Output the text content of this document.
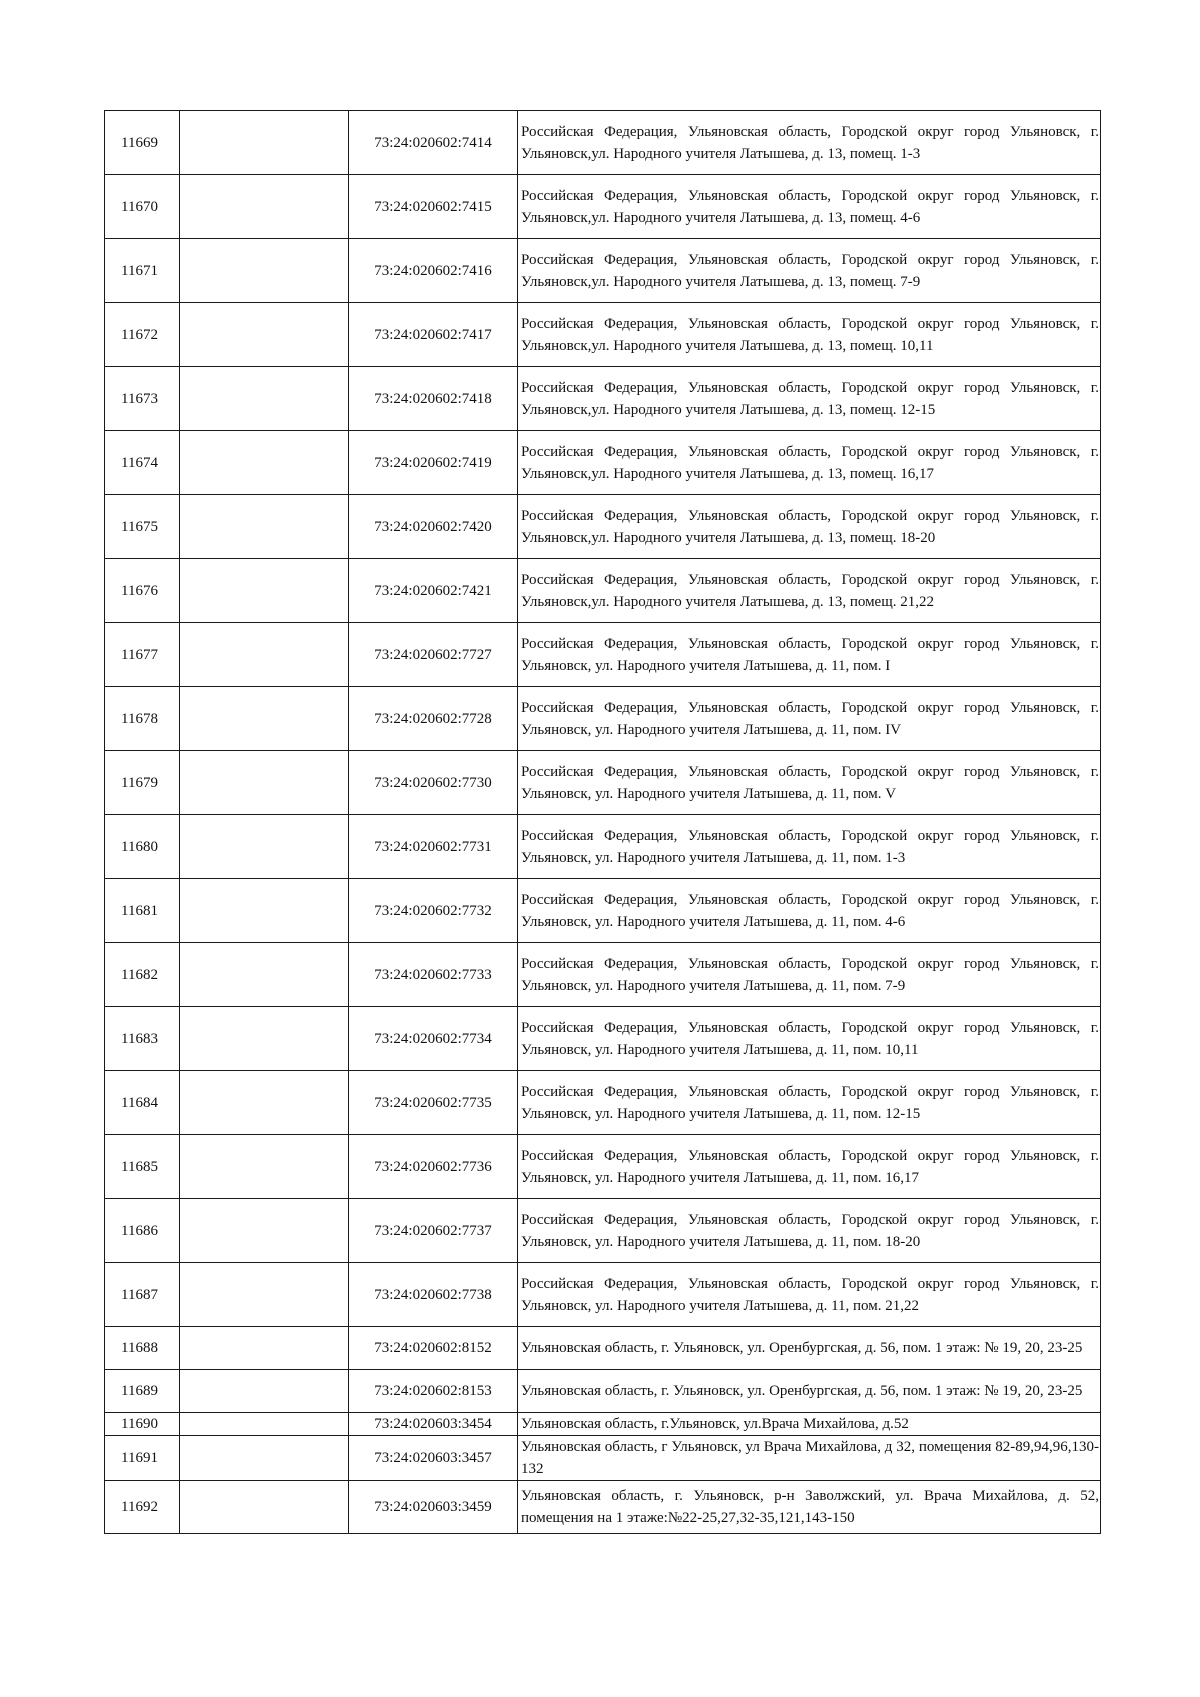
11669		73:24:020602:7414	Российская Федерация, Ульяновская область, Городской округ город Ульяновск, г. Ульяновск,ул. Народного учителя Латышева, д. 13, помещ. 1-3
11670		73:24:020602:7415	Российская Федерация, Ульяновская область, Городской округ город Ульяновск, г. Ульяновск,ул. Народного учителя Латышева, д. 13, помещ. 4-6
11671		73:24:020602:7416	Российская Федерация, Ульяновская область, Городской округ город Ульяновск, г. Ульяновск,ул. Народного учителя Латышева, д. 13, помещ. 7-9
11672		73:24:020602:7417	Российская Федерация, Ульяновская область, Городской округ город Ульяновск, г. Ульяновск,ул. Народного учителя Латышева, д. 13, помещ. 10,11
11673		73:24:020602:7418	Российская Федерация, Ульяновская область, Городской округ город Ульяновск, г. Ульяновск,ул. Народного учителя Латышева, д. 13, помещ. 12-15
11674		73:24:020602:7419	Российская Федерация, Ульяновская область, Городской округ город Ульяновск, г. Ульяновск,ул. Народного учителя Латышева, д. 13, помещ. 16,17
11675		73:24:020602:7420	Российская Федерация, Ульяновская область, Городской округ город Ульяновск, г. Ульяновск,ул. Народного учителя Латышева, д. 13, помещ. 18-20
11676		73:24:020602:7421	Российская Федерация, Ульяновская область, Городской округ город Ульяновск, г. Ульяновск,ул. Народного учителя Латышева, д. 13, помещ. 21,22
11677		73:24:020602:7727	Российская Федерация, Ульяновская область, Городской округ город Ульяновск, г. Ульяновск, ул. Народного учителя Латышева, д. 11, пом. I
11678		73:24:020602:7728	Российская Федерация, Ульяновская область, Городской округ город Ульяновск, г. Ульяновск, ул. Народного учителя Латышева, д. 11, пом. IV
11679		73:24:020602:7730	Российская Федерация, Ульяновская область, Городской округ город Ульяновск, г. Ульяновск, ул. Народного учителя Латышева, д. 11, пом. V
11680		73:24:020602:7731	Российская Федерация, Ульяновская область, Городской округ город Ульяновск, г. Ульяновск, ул. Народного учителя Латышева, д. 11, пом. 1-3
11681		73:24:020602:7732	Российская Федерация, Ульяновская область, Городской округ город Ульяновск, г. Ульяновск, ул. Народного учителя Латышева, д. 11, пом. 4-6
11682		73:24:020602:7733	Российская Федерация, Ульяновская область, Городской округ город Ульяновск, г. Ульяновск, ул. Народного учителя Латышева, д. 11, пом. 7-9
11683		73:24:020602:7734	Российская Федерация, Ульяновская область, Городской округ город Ульяновск, г. Ульяновск, ул. Народного учителя Латышева, д. 11, пом. 10,11
11684		73:24:020602:7735	Российская Федерация, Ульяновская область, Городской округ город Ульяновск, г. Ульяновск, ул. Народного учителя Латышева, д. 11, пом. 12-15
11685		73:24:020602:7736	Российская Федерация, Ульяновская область, Городской округ город Ульяновск, г. Ульяновск, ул. Народного учителя Латышева, д. 11, пом. 16,17
11686		73:24:020602:7737	Российская Федерация, Ульяновская область, Городской округ город Ульяновск, г. Ульяновск, ул. Народного учителя Латышева, д. 11, пом. 18-20
11687		73:24:020602:7738	Российская Федерация, Ульяновская область, Городской округ город Ульяновск, г. Ульяновск, ул. Народного учителя Латышева, д. 11, пом. 21,22
11688		73:24:020602:8152	Ульяновская область, г. Ульяновск, ул. Оренбургская, д. 56, пом. 1 этаж: № 19, 20, 23-25
11689		73:24:020602:8153	Ульяновская область, г. Ульяновск, ул. Оренбургская, д. 56, пом. 1 этаж: № 19, 20, 23-25
11690		73:24:020603:3454	Ульяновская область, г.Ульяновск, ул.Врача Михайлова, д.52
11691		73:24:020603:3457	Ульяновская область, г Ульяновск, ул Врача Михайлова, д 32, помещения 82-89,94,96,130-132
11692		73:24:020603:3459	Ульяновская область, г. Ульяновск, р-н Заволжский, ул. Врача Михайлова, д. 52, помещения на 1 этаже:№22-25,27,32-35,121,143-150
